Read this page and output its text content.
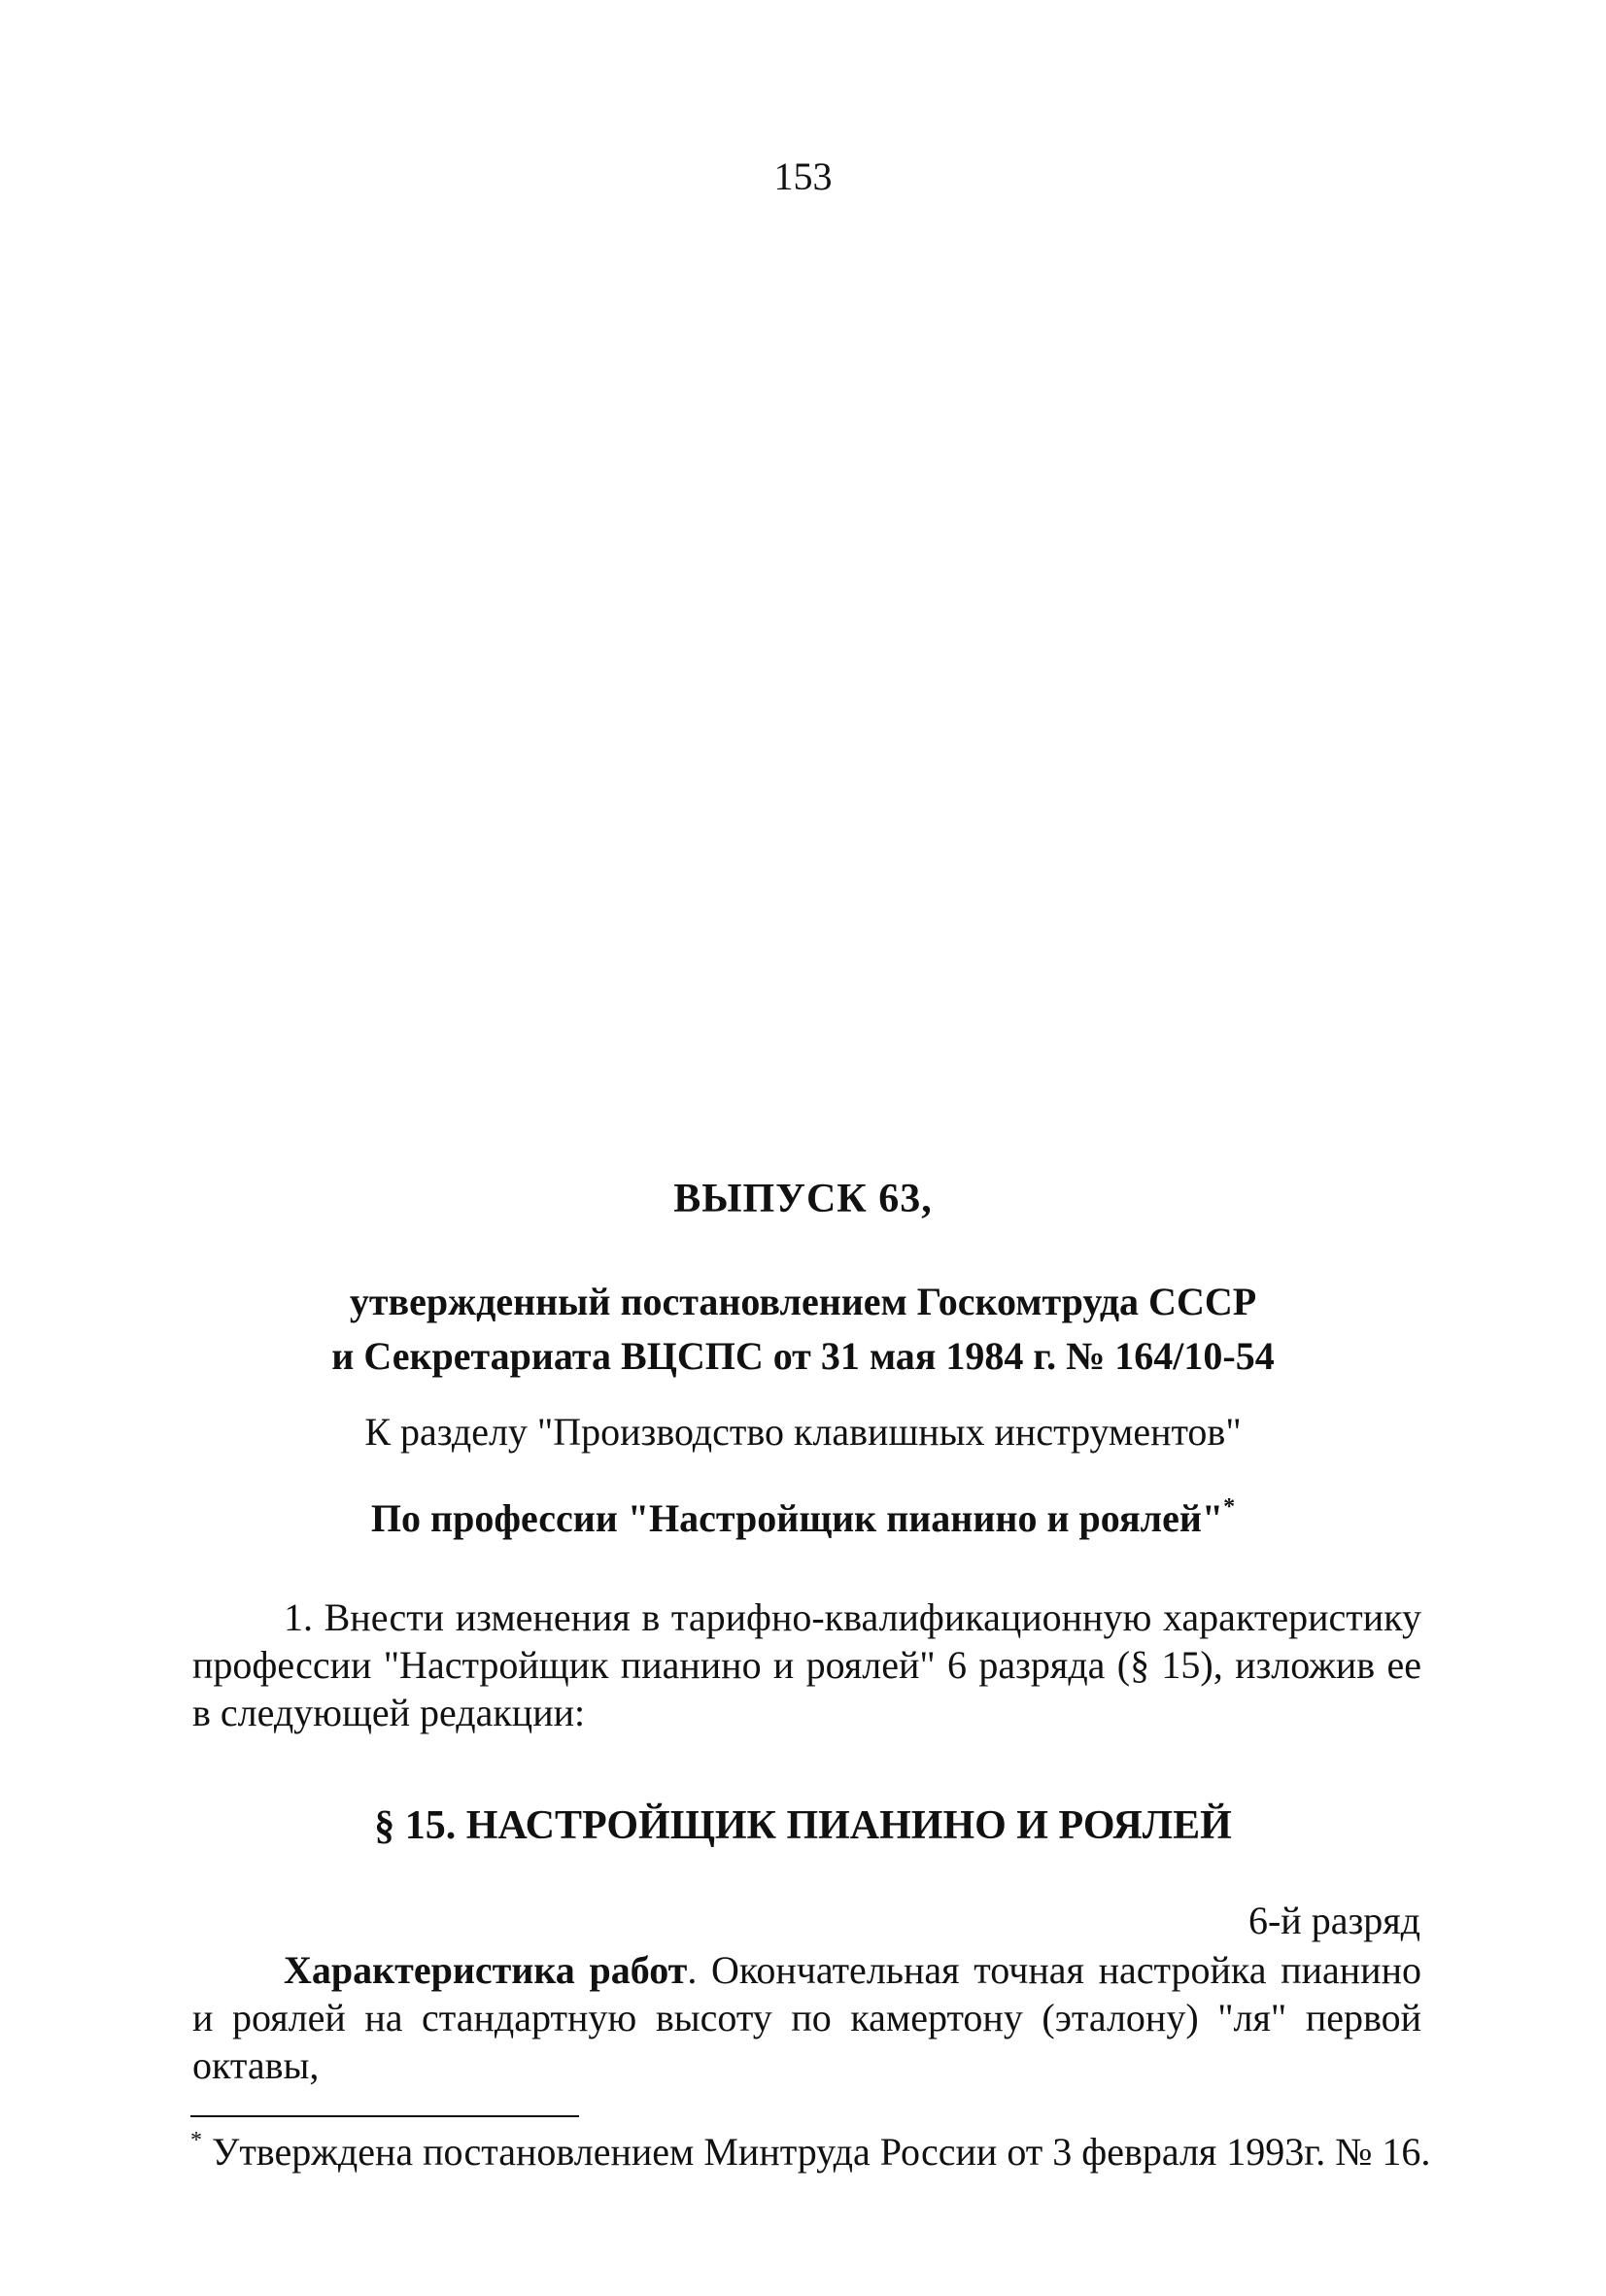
153
ВЫПУСК 63,
утвержденный постановлением Госкомтруда СССР
и Секретариата ВЦСПС от 31 мая 1984 г. № 164/10-54
К разделу "Производство клавишных инструментов"
По профессии "Настройщик пианино и роялей"*
1. Внести изменения в тарифно-квалификационную характеристику профессии "Настройщик пианино и роялей" 6 разряда (§ 15), изложив ее в следующей редакции:
§ 15. НАСТРОЙЩИК ПИАНИНО И РОЯЛЕЙ
6-й разряд
Характеристика работ. Окончательная точная настройка пианино и роялей на стандартную высоту по камертону (эталону) "ля" первой октавы,
* Утверждена постановлением Минтруда России от 3 февраля 1993г. № 16.
